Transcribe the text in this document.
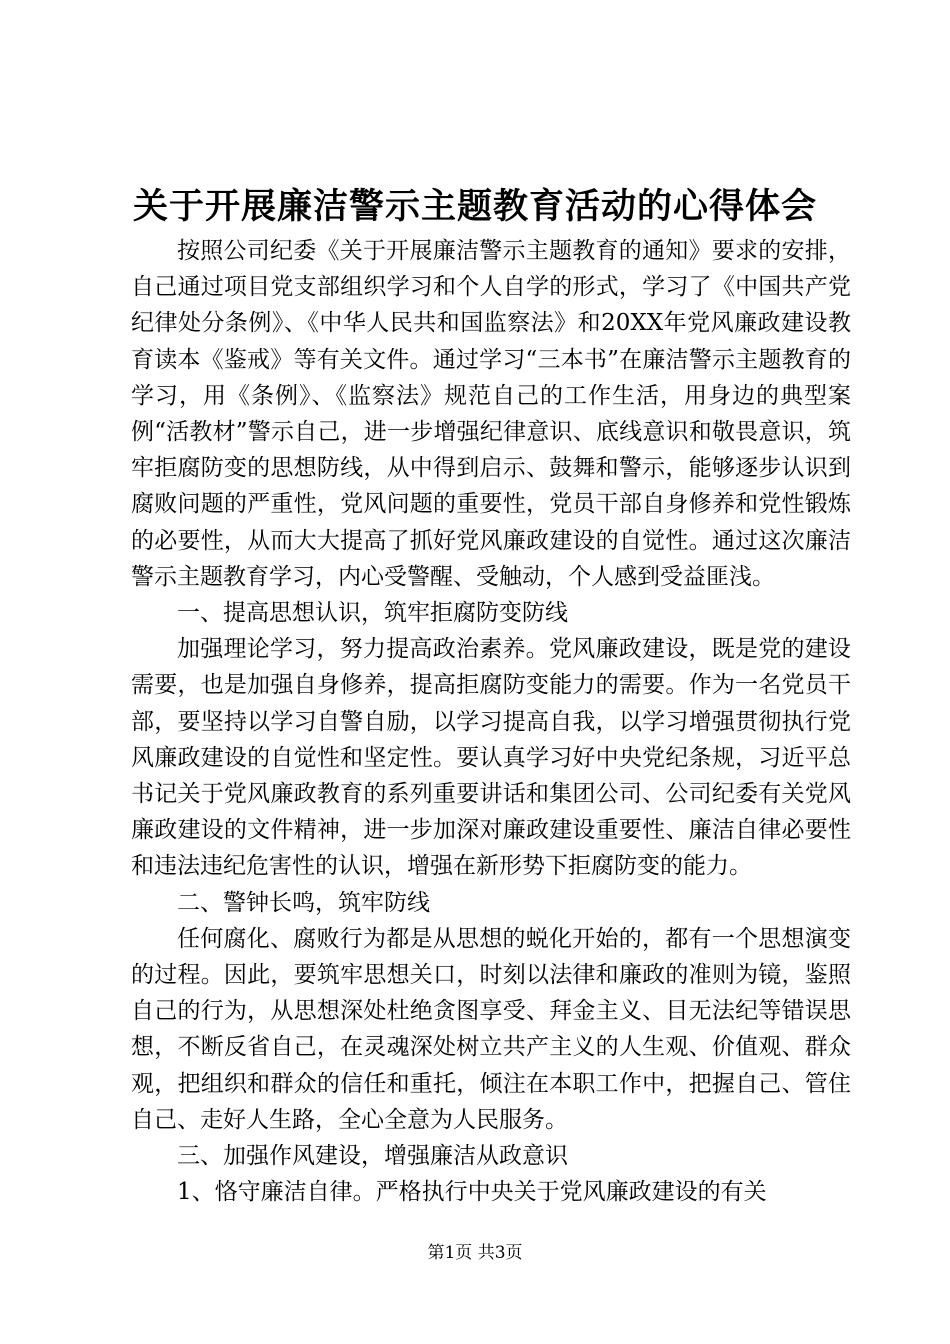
关于开展廉洁警示主题教育活动的心得体会

按照公司纪委《关于开展廉洁警示主题教育的通知》要求的安排，自己通过项目党支部组织学习和个人自学的形式，学习了《中国共产党纪律处分条例》、《中华人民共和国监察法》和20XX年党风廉政建设教育读本《鉴戒》等有关文件。通过学习“三本书”在廉洁警示主题教育的学习，用《条例》、《监察法》规范自己的工作生活，用身边的典型案例“活教材”警示自己，进一步增强纪律意识、底线意识和敬畏意识，筑牢拒腐防变的思想防线，从中得到启示、鼓舞和警示，能够逐步认识到腐败问题的严重性，党风问题的重要性，党员干部自身修养和党性锻炼的必要性，从而大大提高了抓好党风廉政建设的自觉性。通过这次廉洁警示主题教育学习，内心受警醒、受触动，个人感到受益匪浅。

一、提高思想认识，筑牢拒腐防变防线

加强理论学习，努力提高政治素养。党风廉政建设，既是党的建设需要，也是加强自身修养，提高拒腐防变能力的需要。作为一名党员干部，要坚持以学习自警自励，以学习提高自我，以学习增强贯彻执行党风廉政建设的自觉性和坚定性。要认真学习好中央党纪条规，习近平总书记关于党风廉政教育的系列重要讲话和集团公司、公司纪委有关党风廉政建设的文件精神，进一步加深对廉政建设重要性、廉洁自律必要性和违法违纪危害性的认识，增强在新形势下拒腐防变的能力。

二、警钟长鸣，筑牢防线

任何腐化、腐败行为都是从思想的蜕化开始的，都有一个思想演变的过程。因此，要筑牢思想关口，时刻以法律和廉政的准则为镜，鉴照自己的行为，从思想深处杜绝贪图享受、拜金主义、目无法纪等错误思想，不断反省自己，在灵魂深处树立共产主义的人生观、价值观、群众观，把组织和群众的信任和重托，倾注在本职工作中，把握自己、管住自己、走好人生路，全心全意为人民服务。

三、加强作风建设，增强廉洁从政意识

1、恪守廉洁自律。严格执行中央关于党风廉政建设的有关

第1页 共3页
